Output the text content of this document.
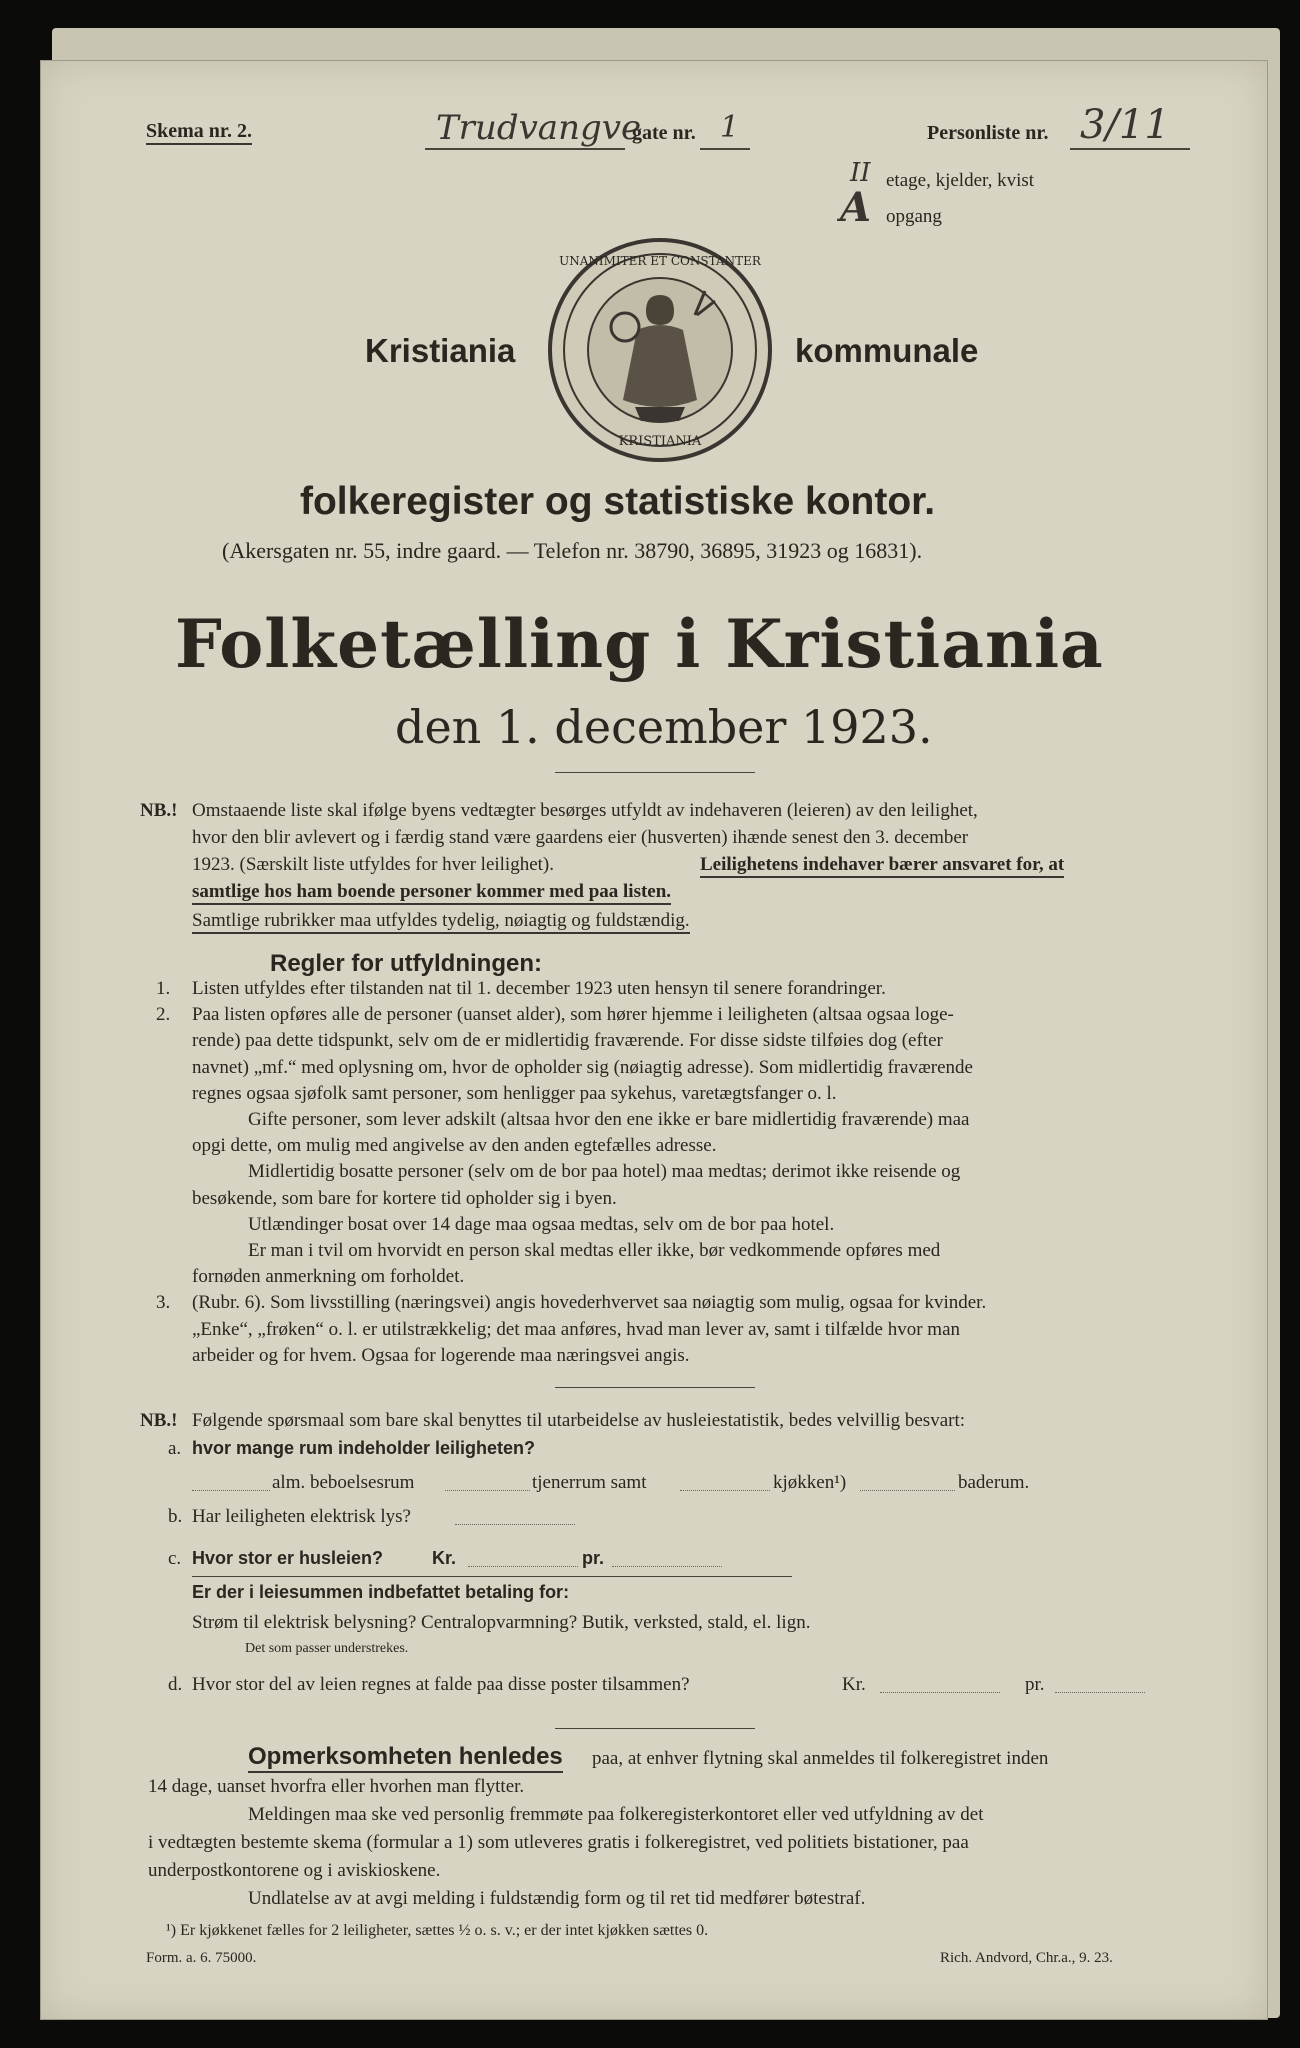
Skema nr. 2.	Trudvangve
gate nr. 1	Personliste nr. 3/11
II etage, kjelder, kvist
A opgang
Kristiania
UNANIMITER ET CONSTANTER
KRISTIANIA
kommunale
folkeregister og statistiske kontor.
(Akersgaten nr. 55, indre gaard. — Telefon nr. 38790, 36895, 31923 og 16831).
Folketælling i Kristiania
den 1. december 1923.
NB.! Omstaaende liste skal ifølge byens vedtægter besørges utfyldt av indehaveren (leieren) av den leilighet,
hvor den blir avlevert og i færdig stand være gaardens eier (husverten) ihænde senest den 3. december
1923. (Særskilt liste utfyldes for hver leilighet).	Leilighetens indehaver bærer ansvaret for, at
samtlige hos ham boende personer kommer med paa listen.
Samtlige rubrikker maa utfyldes tydelig, nøiagtig og fuldstændig.
Regler for utfyldningen:
1. Listen utfyldes efter tilstanden nat til 1. december 1923 uten hensyn til senere forandringer.
2. Paa listen opføres alle de personer (uanset alder), som hører hjemme i leiligheten (altsaa ogsaa loge-
rende) paa dette tidspunkt, selv om de er midlertidig fraværende. For disse sidste tilføies dog (efter
navnet) „mf.“ med oplysning om, hvor de opholder sig (nøiagtig adresse). Som midlertidig fraværende
regnes ogsaa sjøfolk samt personer, som henligger paa sykehus, varetægtsfanger o. l.
Gifte personer, som lever adskilt (altsaa hvor den ene ikke er bare midlertidig fraværende) maa
opgi dette, om mulig med angivelse av den anden egtefælles adresse.
Midlertidig bosatte personer (selv om de bor paa hotel) maa medtas; derimot ikke reisende og
besøkende, som bare for kortere tid opholder sig i byen.
Utlændinger bosat over 14 dage maa ogsaa medtas, selv om de bor paa hotel.
Er man i tvil om hvorvidt en person skal medtas eller ikke, bør vedkommende opføres med
fornøden anmerkning om forholdet.
3. (Rubr. 6). Som livsstilling (næringsvei) angis hovederhvervet saa nøiagtig som mulig, ogsaa for kvinder.
„Enke“, „frøken“ o. l. er utilstrækkelig; det maa anføres, hvad man lever av, samt i tilfælde hvor man
arbeider og for hvem. Ogsaa for logerende maa næringsvei angis.
NB.! Følgende spørsmaal som bare skal benyttes til utarbeidelse av husleiestatistik, bedes velvillig besvart:
a. hvor mange rum indeholder leiligheten?
alm. beboelsesrum	tjenerrum samt	kjøkken¹)	baderum.
b. Har leiligheten elektrisk lys?
c. Hvor stor er husleien?	Kr.	pr.
Er der i leiesummen indbefattet betaling for:
Strøm til elektrisk belysning? Centralopvarmning? Butik, verksted, stald, el. lign.
Det som passer understrekes.
d. Hvor stor del av leien regnes at falde paa disse poster tilsammen?	Kr.	pr.
Opmerksomheten henledes paa, at enhver flytning skal anmeldes til folkeregistret inden
14 dage, uanset hvorfra eller hvorhen man flytter.
Meldingen maa ske ved personlig fremmøte paa folkeregisterkontoret eller ved utfyldning av det
i vedtægten bestemte skema (formular a 1) som utleveres gratis i folkeregistret, ved politiets bistationer, paa
underpostkontorene og i aviskioskene.
Undlatelse av at avgi melding i fuldstændig form og til ret tid medfører bøtestraf.
¹) Er kjøkkenet fælles for 2 leiligheter, sættes ½ o. s. v.; er der intet kjøkken sættes 0.
Form. a. 6. 75000.	Rich. Andvord, Chr.a., 9. 23.
